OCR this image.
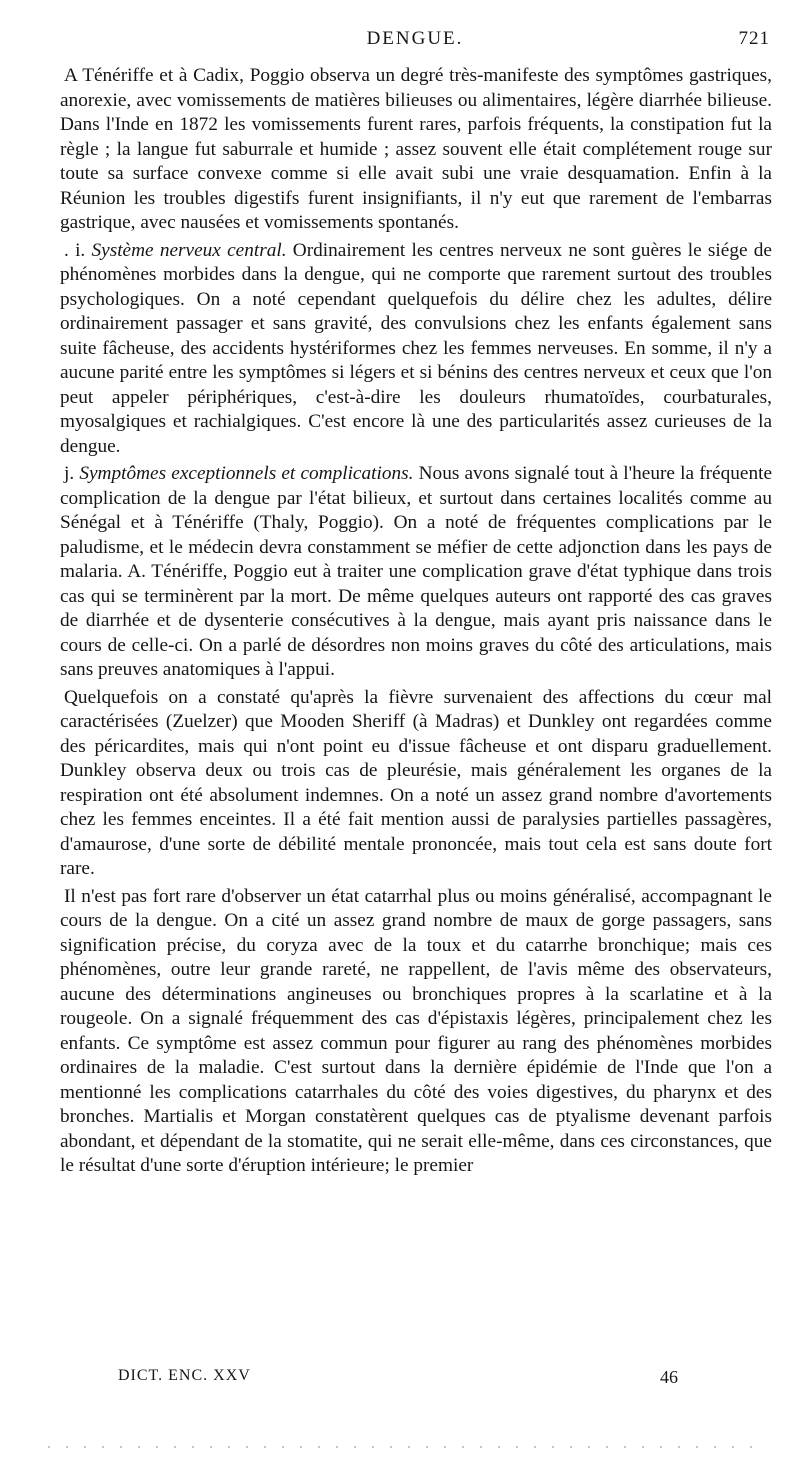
DENGUE.	721

A Ténériffe et à Cadix, Poggio observa un degré très-manifeste des symptômes gastriques, anorexie, avec vomissements de matières bilieuses ou alimentaires, légère diarrhée bilieuse. Dans l'Inde en 1872 les vomissements furent rares, parfois fréquents, la constipation fut la règle ; la langue fut saburrale et humide ; assez souvent elle était complétement rouge sur toute sa surface convexe comme si elle avait subi une vraie desquamation. Enfin à la Réunion les troubles digestifs furent insignifiants, il n'y eut que rarement de l'embarras gastrique, avec nausées et vomissements spontanés.

. i. Système nerveux central. Ordinairement les centres nerveux ne sont guères le siége de phénomènes morbides dans la dengue, qui ne comporte que rarement surtout des troubles psychologiques. On a noté cependant quelquefois du délire chez les adultes, délire ordinairement passager et sans gravité, des convulsions chez les enfants également sans suite fâcheuse, des accidents hystériformes chez les femmes nerveuses. En somme, il n'y a aucune parité entre les symptômes si légers et si bénins des centres nerveux et ceux que l'on peut appeler périphériques, c'est-à-dire les douleurs rhumatoïdes, courbaturales, myosalgiques et rachialgiques. C'est encore là une des particularités assez curieuses de la dengue.

j. Symptômes exceptionnels et complications. Nous avons signalé tout à l'heure la fréquente complication de la dengue par l'état bilieux, et surtout dans certaines localités comme au Sénégal et à Ténériffe (Thaly, Poggio). On a noté de fréquentes complications par le paludisme, et le médecin devra constamment se méfier de cette adjonction dans les pays de malaria. A. Ténériffe, Poggio eut à traiter une complication grave d'état typhique dans trois cas qui se terminèrent par la mort. De même quelques auteurs ont rapporté des cas graves de diarrhée et de dysenterie consécutives à la dengue, mais ayant pris naissance dans le cours de celle-ci. On a parlé de désordres non moins graves du côté des articulations, mais sans preuves anatomiques à l'appui.

Quelquefois on a constaté qu'après la fièvre survenaient des affections du cœur mal caractérisées (Zuelzer) que Mooden Sheriff (à Madras) et Dunkley ont regardées comme des péricardites, mais qui n'ont point eu d'issue fâcheuse et ont disparu graduellement. Dunkley observa deux ou trois cas de pleurésie, mais généralement les organes de la respiration ont été absolument indemnes. On a noté un assez grand nombre d'avortements chez les femmes enceintes. Il a été fait mention aussi de paralysies partielles passagères, d'amaurose, d'une sorte de débilité mentale prononcée, mais tout cela est sans doute fort rare.

Il n'est pas fort rare d'observer un état catarrhal plus ou moins généralisé, accompagnant le cours de la dengue. On a cité un assez grand nombre de maux de gorge passagers, sans signification précise, du coryza avec de la toux et du catarrhe bronchique; mais ces phénomènes, outre leur grande rareté, ne rappellent, de l'avis même des observateurs, aucune des déterminations angineuses ou bronchiques propres à la scarlatine et à la rougeole. On a signalé fréquemment des cas d'épistaxis légères, principalement chez les enfants. Ce symptôme est assez commun pour figurer au rang des phénomènes morbides ordinaires de la maladie. C'est surtout dans la dernière épidémie de l'Inde que l'on a mentionné les complications catarrhales du côté des voies digestives, du pharynx et des bronches. Martialis et Morgan constatèrent quelques cas de ptyalisme devenant parfois abondant, et dépendant de la stomatite, qui ne serait elle-même, dans ces circonstances, que le résultat d'une sorte d'éruption intérieure; le premier

DICT. ENC. XXV	46
